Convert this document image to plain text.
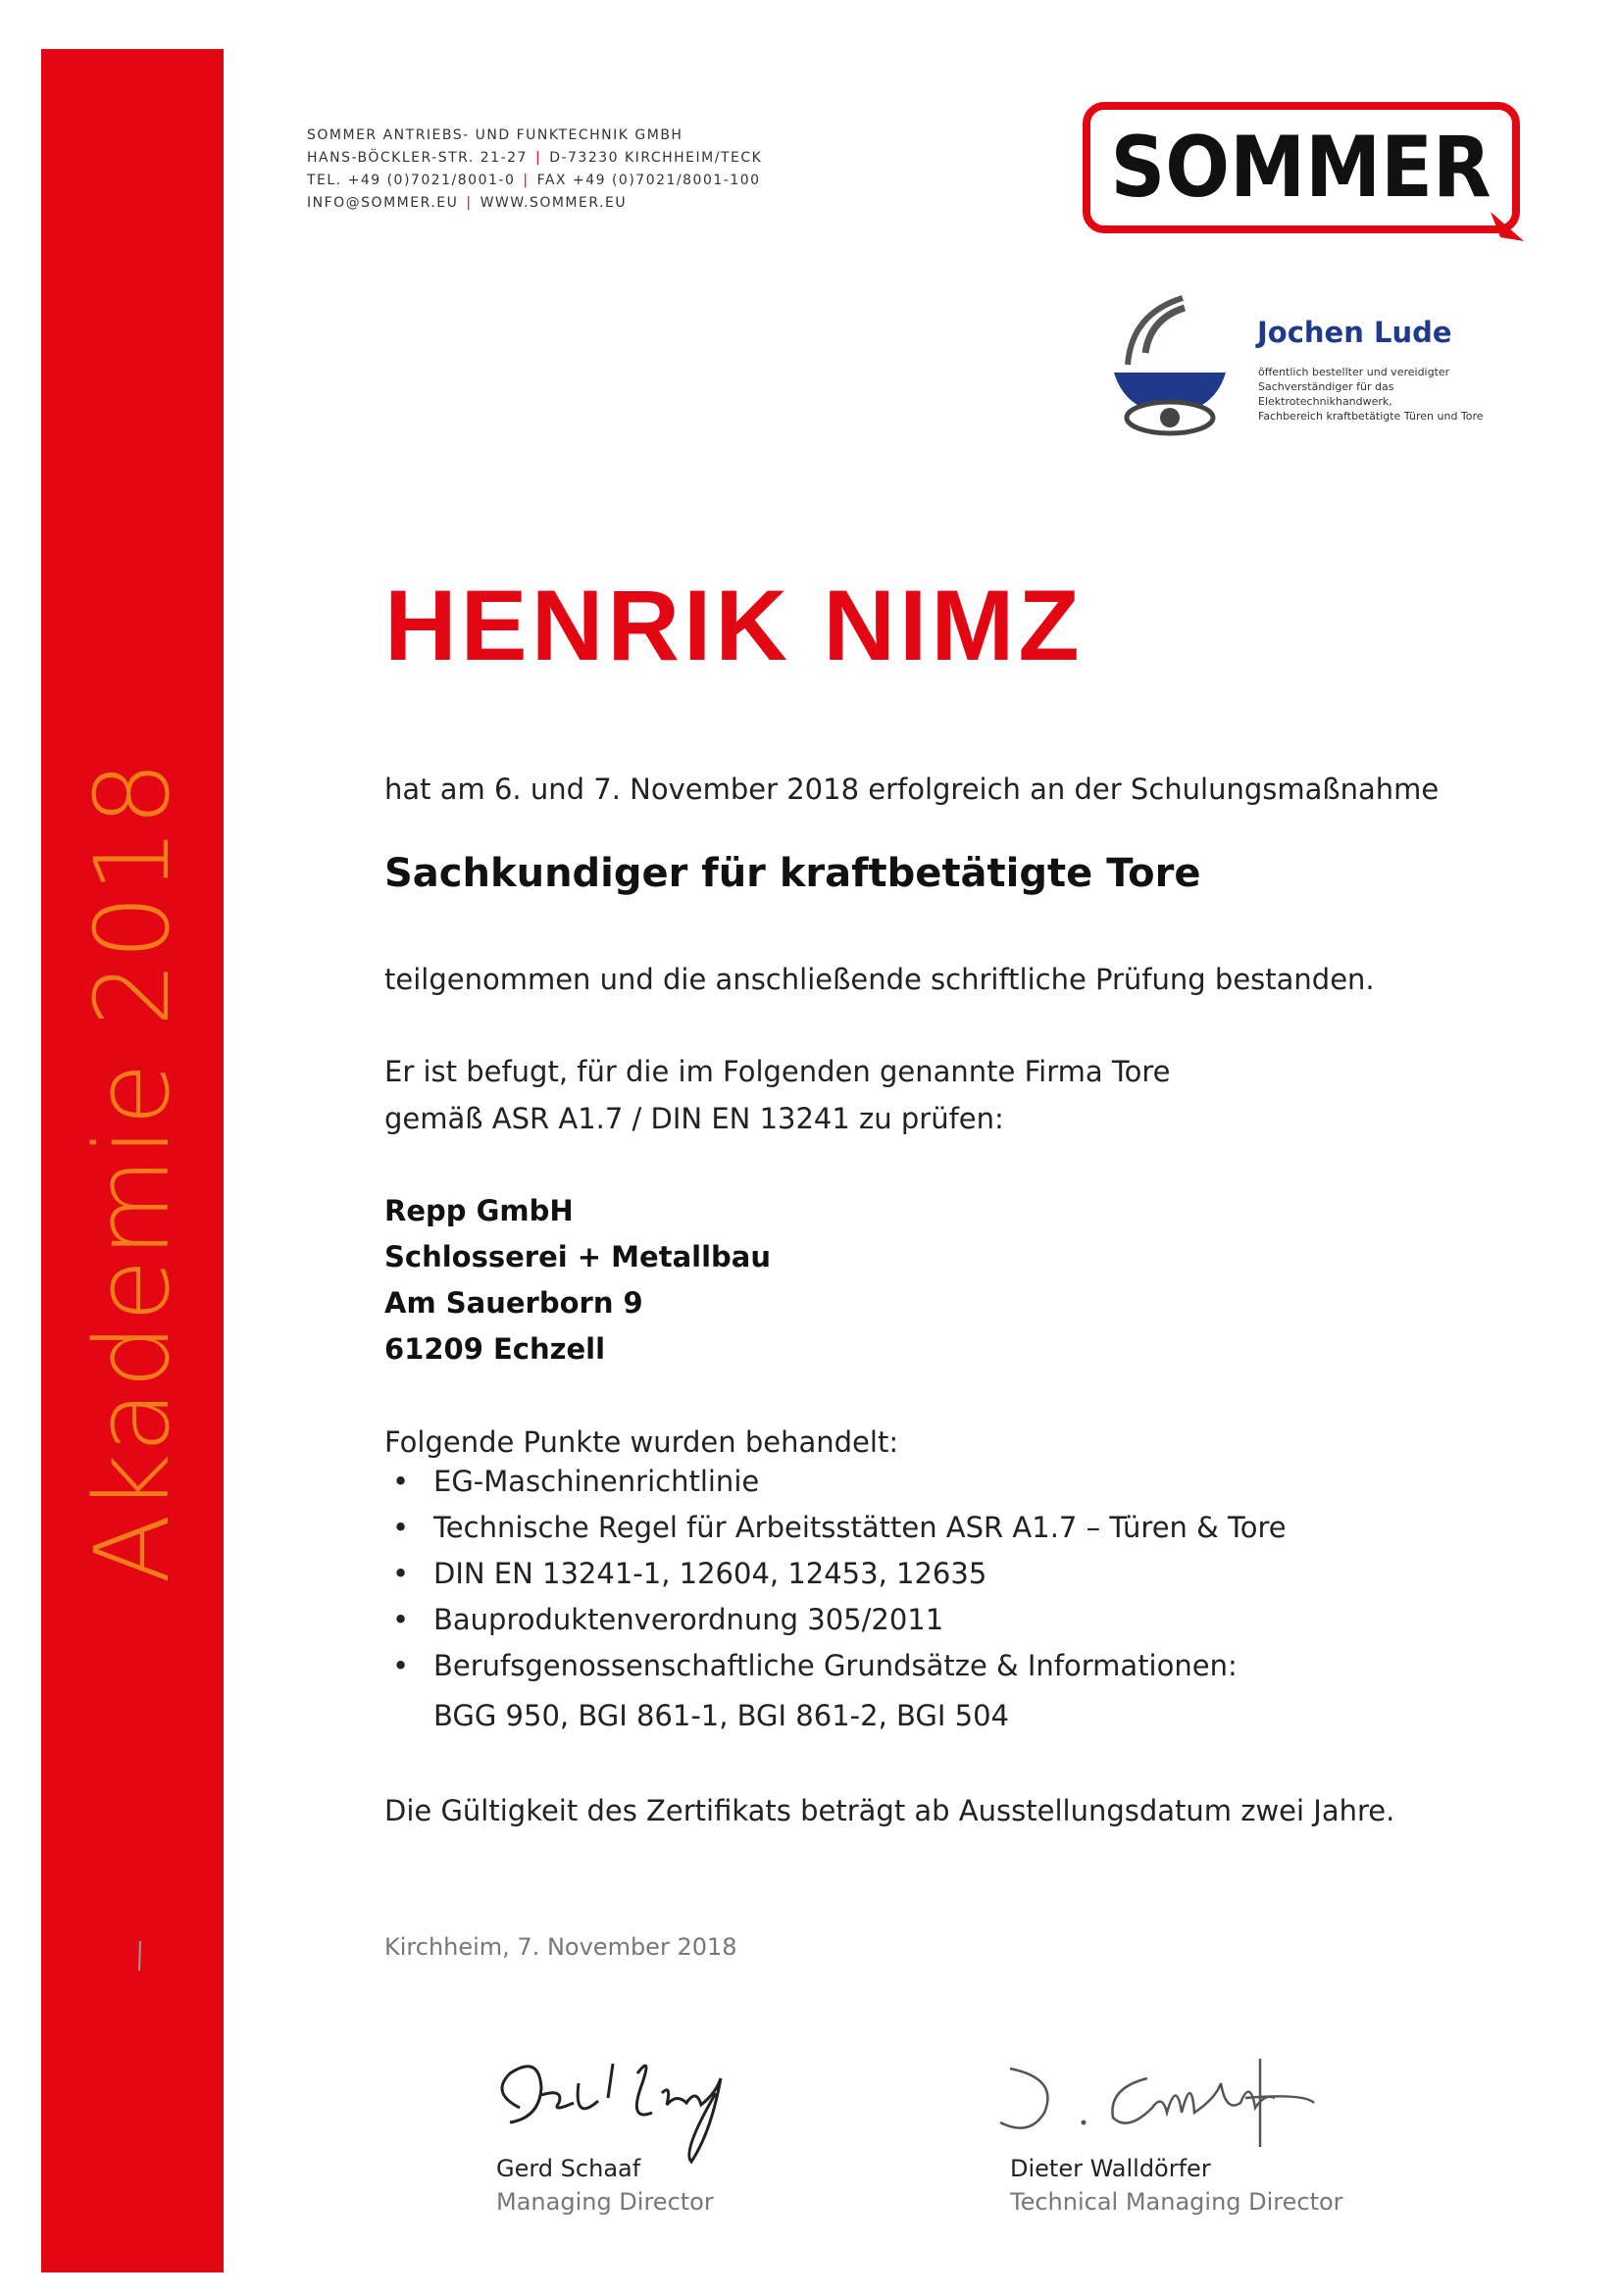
Akademie 2018
SOMMER ANTRIEBS- UND FUNKTECHNIK GMBH
HANS-BÖCKLER-STR. 21-27 | D-73230 KIRCHHEIM/TECK
TEL. +49 (0)7021/8001-0 | FAX +49 (0)7021/8001-100
INFO@SOMMER.EU | WWW.SOMMER.EU	SOMMER
Jochen Lude
öffentlich bestellter und vereidigter
Sachverständiger für das
Elektrotechnikhandwerk,
Fachbereich kraftbetätigte Türen und Tore
HENRIK NIMZ
hat am 6. und 7. November 2018 erfolgreich an der Schulungsmaßnahme
Sachkundiger für kraftbetätigte Tore
teilgenommen und die anschließende schriftliche Prüfung bestanden.
Er ist befugt, für die im Folgenden genannte Firma Tore
gemäß ASR A1.7 / DIN EN 13241 zu prüfen:
Repp GmbH
Schlosserei + Metallbau
Am Sauerborn 9
61209 Echzell
Folgende Punkte wurden behandelt:
• EG-Maschinenrichtlinie
• Technische Regel für Arbeitsstätten ASR A1.7 – Türen & Tore
• DIN EN 13241-1, 12604, 12453, 12635
• Bauproduktenverordnung 305/2011
• Berufsgenossenschaftliche Grundsätze & Informationen:
BGG 950, BGI 861-1, BGI 861-2, BGI 504
Die Gültigkeit des Zertifikats beträgt ab Ausstellungsdatum zwei Jahre.
Kirchheim, 7. November 2018
Gerd Schaaf
Managing Director
Dieter Walldörfer
Technical Managing Director
